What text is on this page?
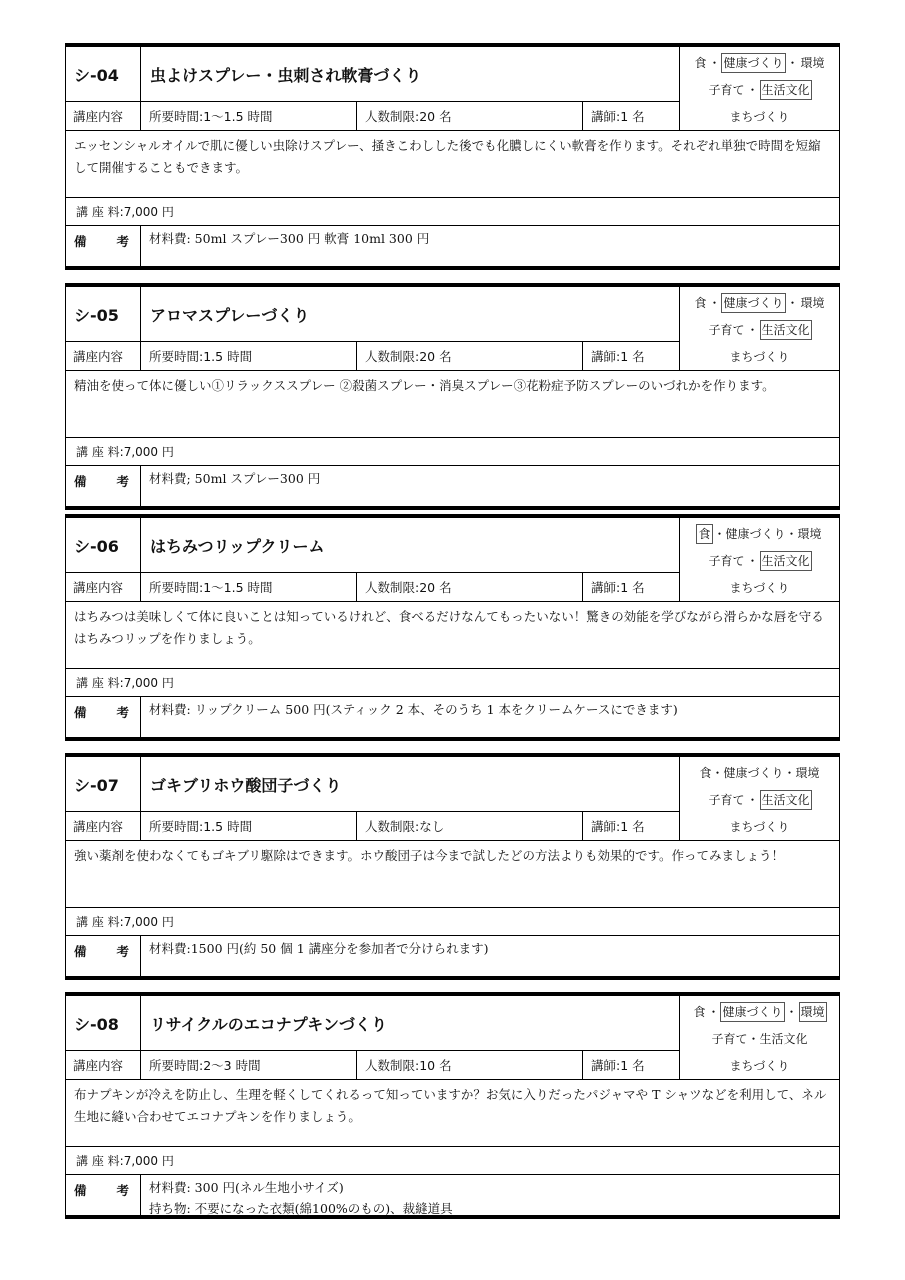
シ-04	虫よけスプレー・虫刺され軟膏づくり
食 ・ 健康づくり ・ 環境
子育て ・ 生活文化
まちづくり
講座内容	所要時間:1〜1.5 時間	人数制限:20 名	講師:1 名
エッセンシャルオイルで肌に優しい虫除けスプレー、掻きこわしした後でも化膿しにくい軟膏を作ります。それぞれ単独で時間を短縮して開催することもできます。
講 座 料: 7,000 円
備 考	材料費: 50ml スプレー300 円 軟膏 10ml 300 円
シ-05	アロマスプレーづくり
食 ・ 健康づくり ・ 環境
子育て ・ 生活文化
まちづくり
講座内容	所要時間:1.5 時間	人数制限:20 名	講師:1 名
精油を使って体に優しい①リラックススプレー ②殺菌スプレー・消臭スプレー③花粉症予防スプレーのいづれかを作ります。
講 座 料: 7,000 円
備 考	材料費; 50ml スプレー300 円
シ-06	はちみつリップクリーム
食 ・健康づくり・環境
子育て ・ 生活文化
まちづくり
講座内容	所要時間:1〜1.5 時間	人数制限:20 名	講師:1 名
はちみつは美味しくて体に良いことは知っているけれど、食べるだけなんてもったいない！驚きの効能を学びながら滑らかな唇を守るはちみつリップを作りましょう。
講 座 料: 7,000 円
備 考	材料費: リップクリーム 500 円(スティック 2 本、そのうち 1 本をクリームケースにできます)
シ-07	ゴキブリホウ酸団子づくり
食・健康づくり・環境
子育て ・ 生活文化
まちづくり
講座内容	所要時間:1.5 時間	人数制限:なし	講師:1 名
強い薬剤を使わなくてもゴキブリ駆除はできます。ホウ酸団子は今まで試したどの方法よりも効果的です。作ってみましょう！
講 座 料: 7,000 円
備 考	材料費:1500 円(約 50 個 1 講座分を参加者で分けられます)
シ-08	リサイクルのエコナプキンづくり
食 ・ 健康づくり ・ 環境
子育て・生活文化
まちづくり
講座内容	所要時間:2〜3 時間	人数制限:10 名	講師:1 名
布ナプキンが冷えを防止し、生理を軽くしてくれるって知っていますか？お気に入りだったパジャマや T シャツなどを利用して、ネル生地に縫い合わせてエコナプキンを作りましょう。
講 座 料: 7,000 円
備 考	材料費: 300 円(ネル生地小サイズ)
持ち物: 不要になった衣類(綿100%のもの)、裁縫道具
